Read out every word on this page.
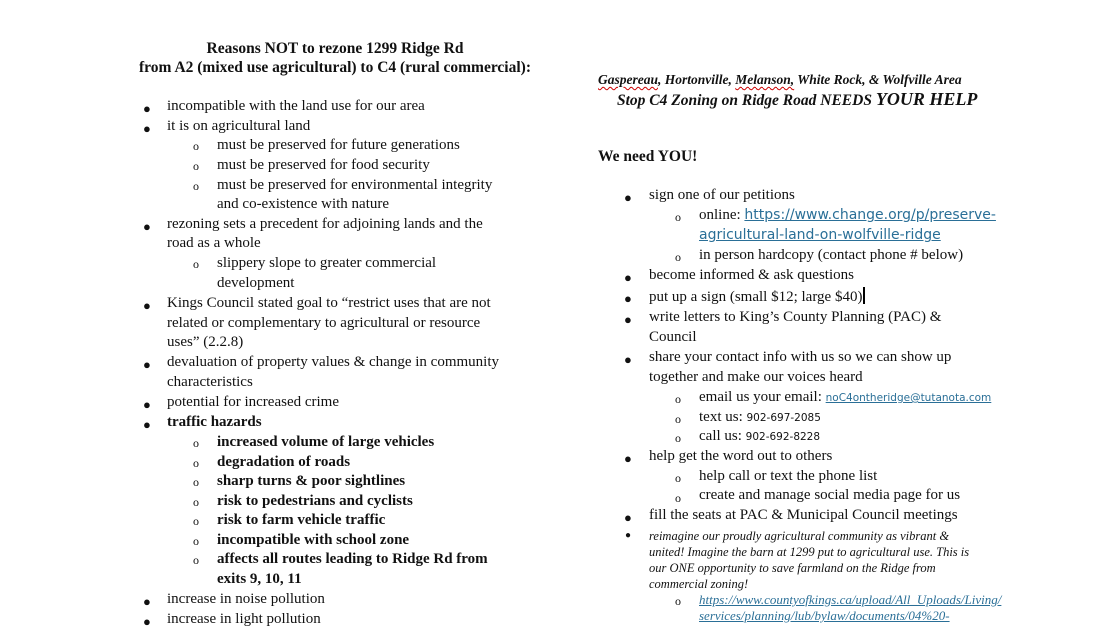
Reasons NOT to rezone 1299 Ridge Rd
from A2 (mixed use agricultural) to C4 (rural commercial):
● incompatible with the land use for our area
● it is on agricultural land
o must be preserved for future generations
o must be preserved for food security
o must be preserved for environmental integrity
and co-existence with nature
● rezoning sets a precedent for adjoining lands and the
road as a whole
o slippery slope to greater commercial
development
● Kings Council stated goal to “restrict uses that are not
related or complementary to agricultural or resource
uses” (2.2.8)
● devaluation of property values & change in community
characteristics
● potential for increased crime
● traffic hazards
o increased volume of large vehicles
o degradation of roads
o sharp turns & poor sightlines
o risk to pedestrians and cyclists
o risk to farm vehicle traffic
o incompatible with school zone
o affects all routes leading to Ridge Rd from
exits 9, 10, 11
● increase in noise pollution
● increase in light pollution
Gaspereau, Hortonville, Melanson, White Rock, & Wolfville Area
Stop C4 Zoning on Ridge Road NEEDS YOUR HELP
We need YOU!
● sign one of our petitions
o online: https://www.change.org/p/preserve-
agricultural-land-on-wolfville-ridge
o in person hardcopy (contact phone # below)
● become informed & ask questions
● put up a sign (small $12; large $40)
● write letters to King’s County Planning (PAC) &
Council
● share your contact info with us so we can show up
together and make our voices heard
o email us your email: noC4ontheridge@tutanota.com
o text us: 902-697-2085
o call us: 902-692-8228
● help get the word out to others
o help call or text the phone list
o create and manage social media page for us
● fill the seats at PAC & Municipal Council meetings
● reimagine our proudly agricultural community as vibrant &
united! Imagine the barn at 1299 put to agricultural use. This is
our ONE opportunity to save farmland on the Ridge from
commercial zoning!
o https://www.countyofkings.ca/upload/All_Uploads/Living/
services/planning/lub/bylaw/documents/04%20-
